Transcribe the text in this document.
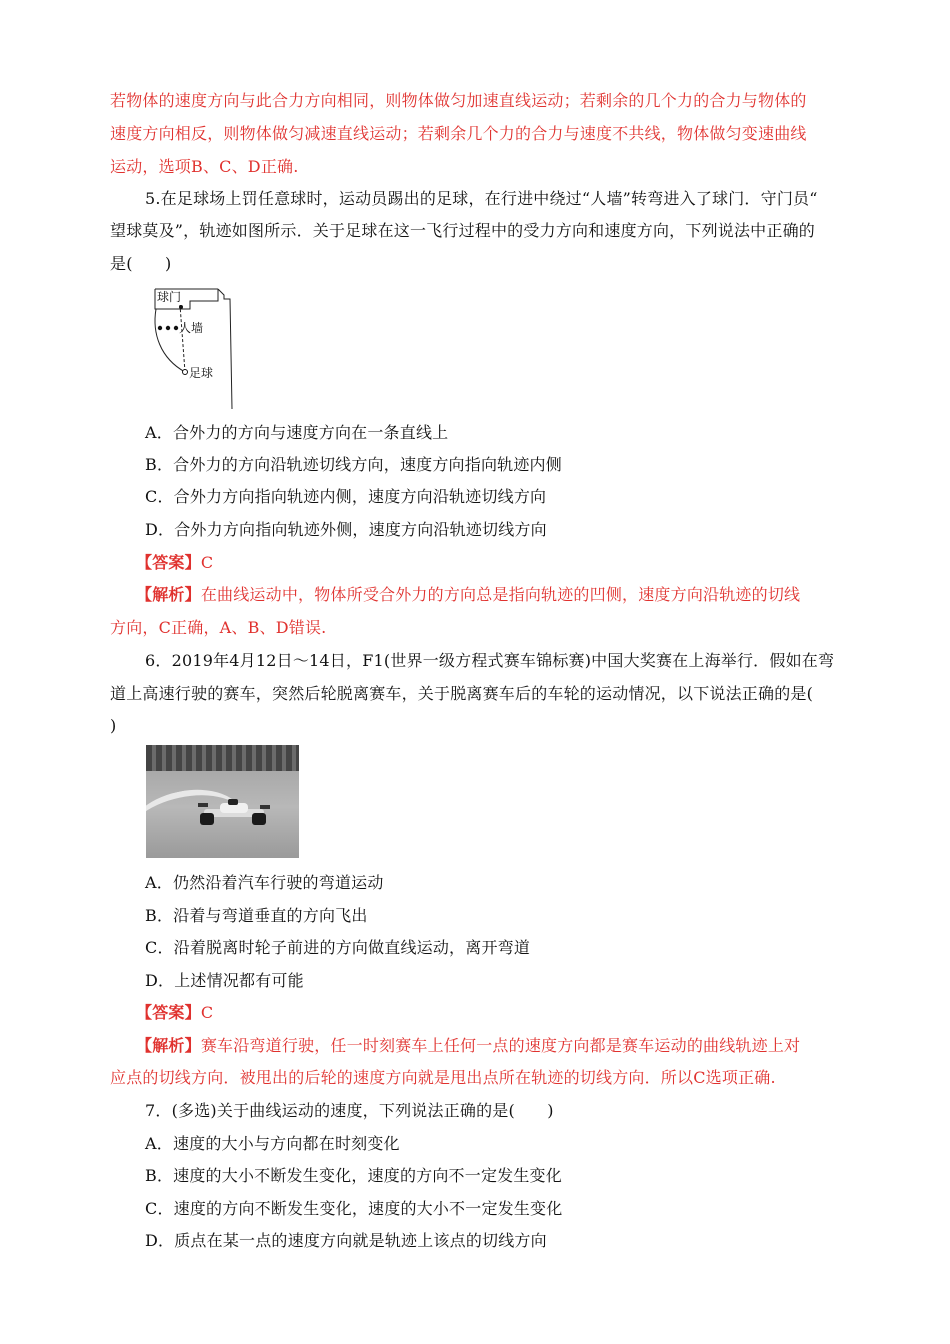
若物体的速度方向与此合力方向相同，则物体做匀加速直线运动；若剩余的几个力的合力与物体的
速度方向相反，则物体做匀减速直线运动；若剩余几个力的合力与速度不共线，物体做匀变速曲线
运动，选项B、C、D正确.
5.在足球场上罚任意球时，运动员踢出的足球，在行进中绕过“人墙”转弯进入了球门．守门员“
望球莫及”，轨迹如图所示．关于足球在这一飞行过程中的受力方向和速度方向，下列说法中正确的
是(　　)
球门
人墙
足球
A．合外力的方向与速度方向在一条直线上
B．合外力的方向沿轨迹切线方向，速度方向指向轨迹内侧
C．合外力方向指向轨迹内侧，速度方向沿轨迹切线方向
D．合外力方向指向轨迹外侧，速度方向沿轨迹切线方向
【答案】C
【解析】在曲线运动中，物体所受合外力的方向总是指向轨迹的凹侧，速度方向沿轨迹的切线
方向，C正确，A、B、D错误.
6．2019年4月12日～14日，F1(世界一级方程式赛车锦标赛)中国大奖赛在上海举行．假如在弯
道上高速行驶的赛车，突然后轮脱离赛车，关于脱离赛车后的车轮的运动情况，以下说法正确的是(
)
A．仍然沿着汽车行驶的弯道运动
B．沿着与弯道垂直的方向飞出
C．沿着脱离时轮子前进的方向做直线运动，离开弯道
D．上述情况都有可能
【答案】C
【解析】赛车沿弯道行驶，任一时刻赛车上任何一点的速度方向都是赛车运动的曲线轨迹上对
应点的切线方向．被甩出的后轮的速度方向就是甩出点所在轨迹的切线方向．所以C选项正确.
7．(多选)关于曲线运动的速度，下列说法正确的是(　　)
A．速度的大小与方向都在时刻变化
B．速度的大小不断发生变化，速度的方向不一定发生变化
C．速度的方向不断发生变化，速度的大小不一定发生变化
D．质点在某一点的速度方向就是轨迹上该点的切线方向
